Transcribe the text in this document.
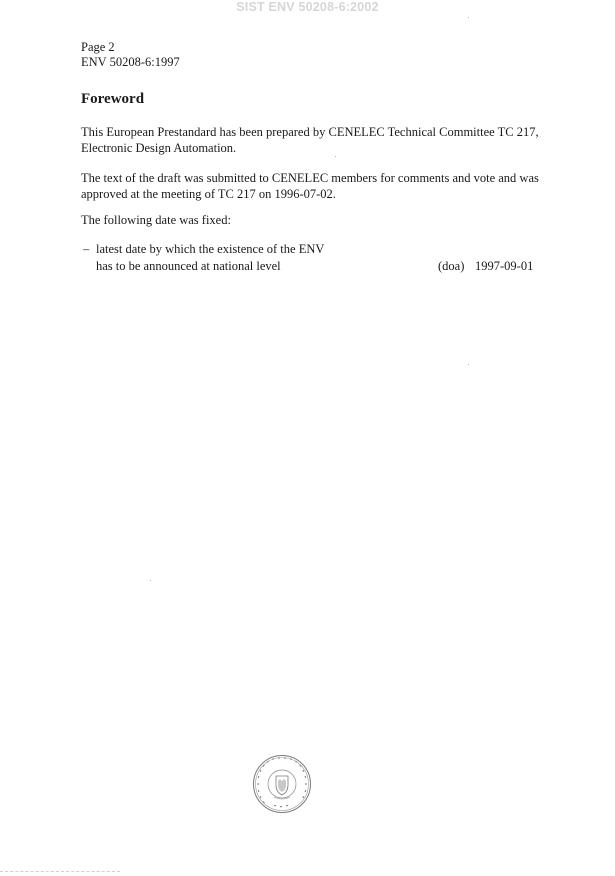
SIST ENV 50208-6:2002
Page 2
ENV 50208-6:1997
Foreword
This European Prestandard has been prepared by CENELEC Technical Committee TC 217, Electronic Design Automation.
The text of the draft was submitted to CENELEC members for comments and vote and was approved at the meeting of TC 217 on 1996-07-02.
The following date was fixed:
– latest date by which the existence of the ENV
has to be announced at national level	(doa) 1997-09-01
